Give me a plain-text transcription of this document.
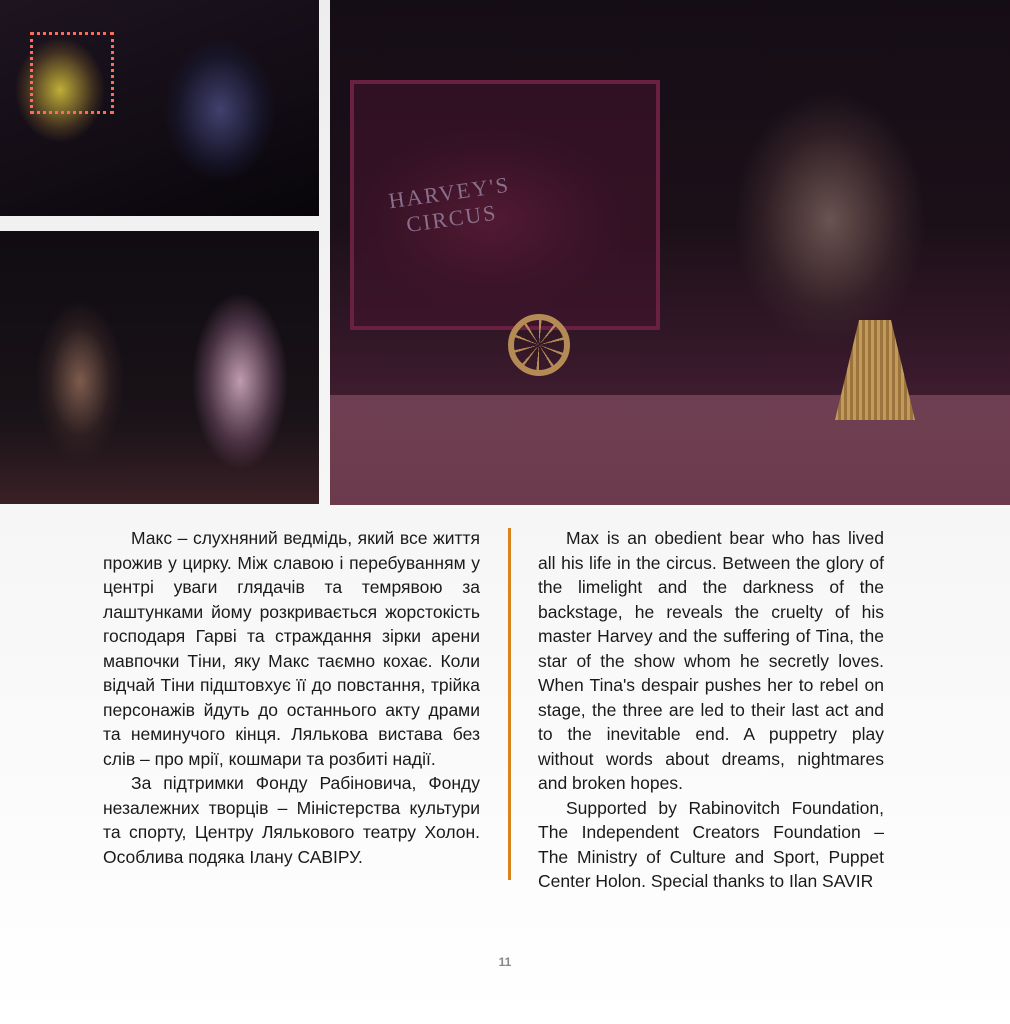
HARVEY'S CIRCUS

Макс – слухняний ведмідь, який все життя прожив у цирку. Між славою і перебуванням у центрі уваги глядачів та темрявою за лаштунками йому розкривається жорстокість господаря Гарві та страждання зірки арени мавпочки Тіни, яку Макс таємно кохає. Коли відчай Тіни підштовхує її до повстання, трійка персонажів йдуть до останнього акту драми та неминучого кінця. Лялькова вистава без слів – про мрії, кошмари та розбиті надії.

За підтримки Фонду Рабіновича, Фонду незалежних творців – Міністерства культури та спорту, Центру Лялькового театру Холон. Особлива подяка Ілану САВІРУ.

Max is an obedient bear who has lived all his life in the circus. Between the glory of the limelight and the darkness of the backstage, he reveals the cruelty of his master Harvey and the suffering of Tina, the star of the show whom he secretly loves. When Tina's despair pushes her to rebel on stage, the three are led to their last act and to the inevitable end. A puppetry play without words about dreams, nightmares and broken hopes.

Supported by Rabinovitch Foundation, The Independent Creators Foundation – The Ministry of Culture and Sport, Puppet Center Holon. Special thanks to Ilan SAVIR

11
